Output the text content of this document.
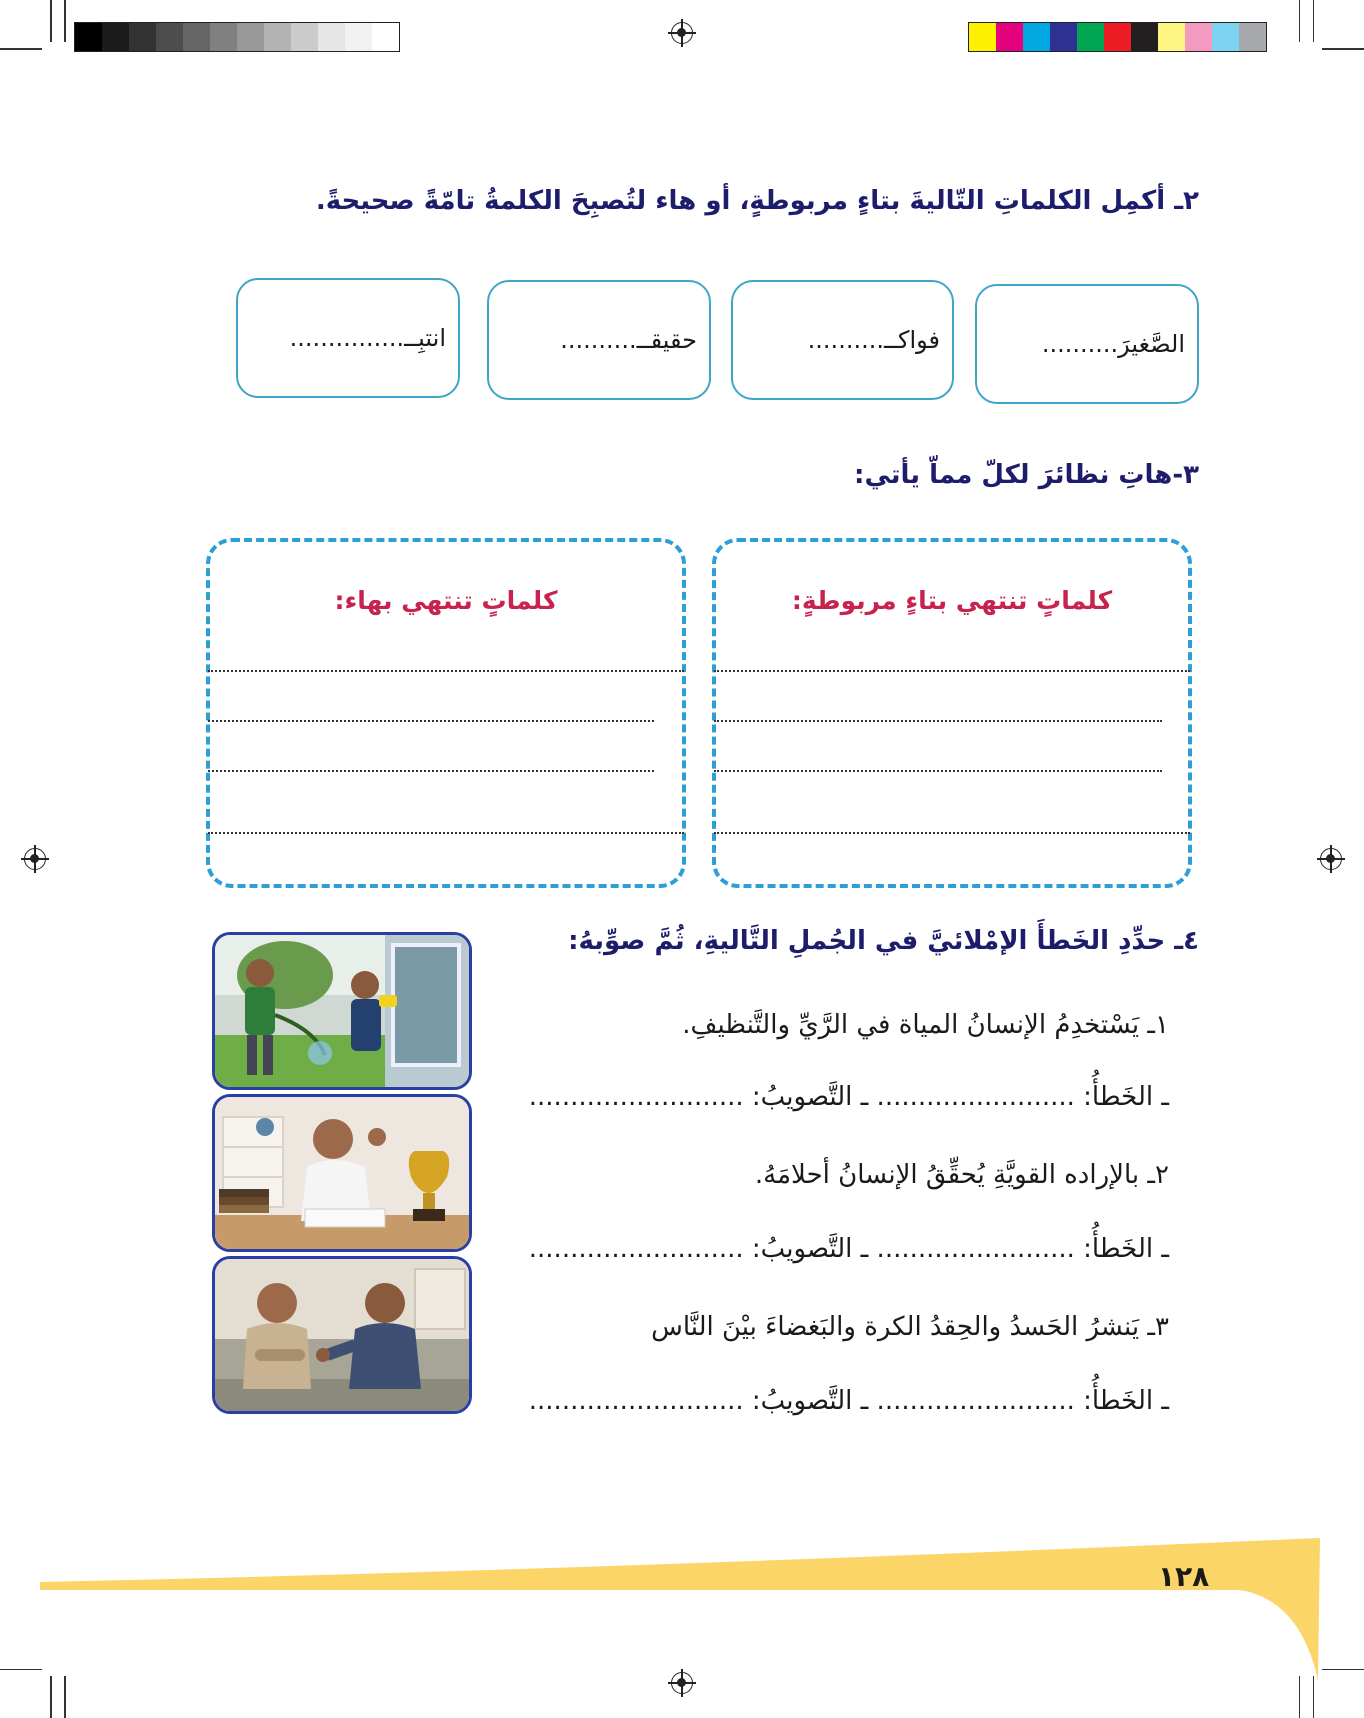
٢ـ أكمِل الكلماتِ التّاليةَ بتاءٍ مربوطةٍ، أو هاء لتُصبِحَ الكلمةُ تامّةً صحيحةً.
الصَّغيرَ..........
فواكــ..........
حقيقــ..........
انتبِــ...............
٣-هاتِ نظائرَ لكلّ مماّ يأتي:
كلماتٍ تنتهي بتاءٍ مربوطةٍ:
كلماتٍ تنتهي بهاء:
٤ـ حدِّدِ الخَطأَ الإمْلائيَّ في الجُملِ التَّاليةِ، ثُمَّ صوِّبهُ:
١ـ يَسْتخدِمُ الإنسانُ المياة في الرَّيِّ والتَّنظيفِ.
ـ الخَطأُ: ........................ ـ التَّصويبُ: ..........................
٢ـ بالإراده القويَّةِ يُحقِّقُ الإنسانُ أحلامَهُ.
ـ الخَطأُ: ........................ ـ التَّصويبُ: ..........................
٣ـ يَنشرُ الحَسدُ والحِقدُ الكرة والبَغضاءَ بيْنَ النَّاس
ـ الخَطأُ: ........................ ـ التَّصويبُ: ..........................
١٢٨
